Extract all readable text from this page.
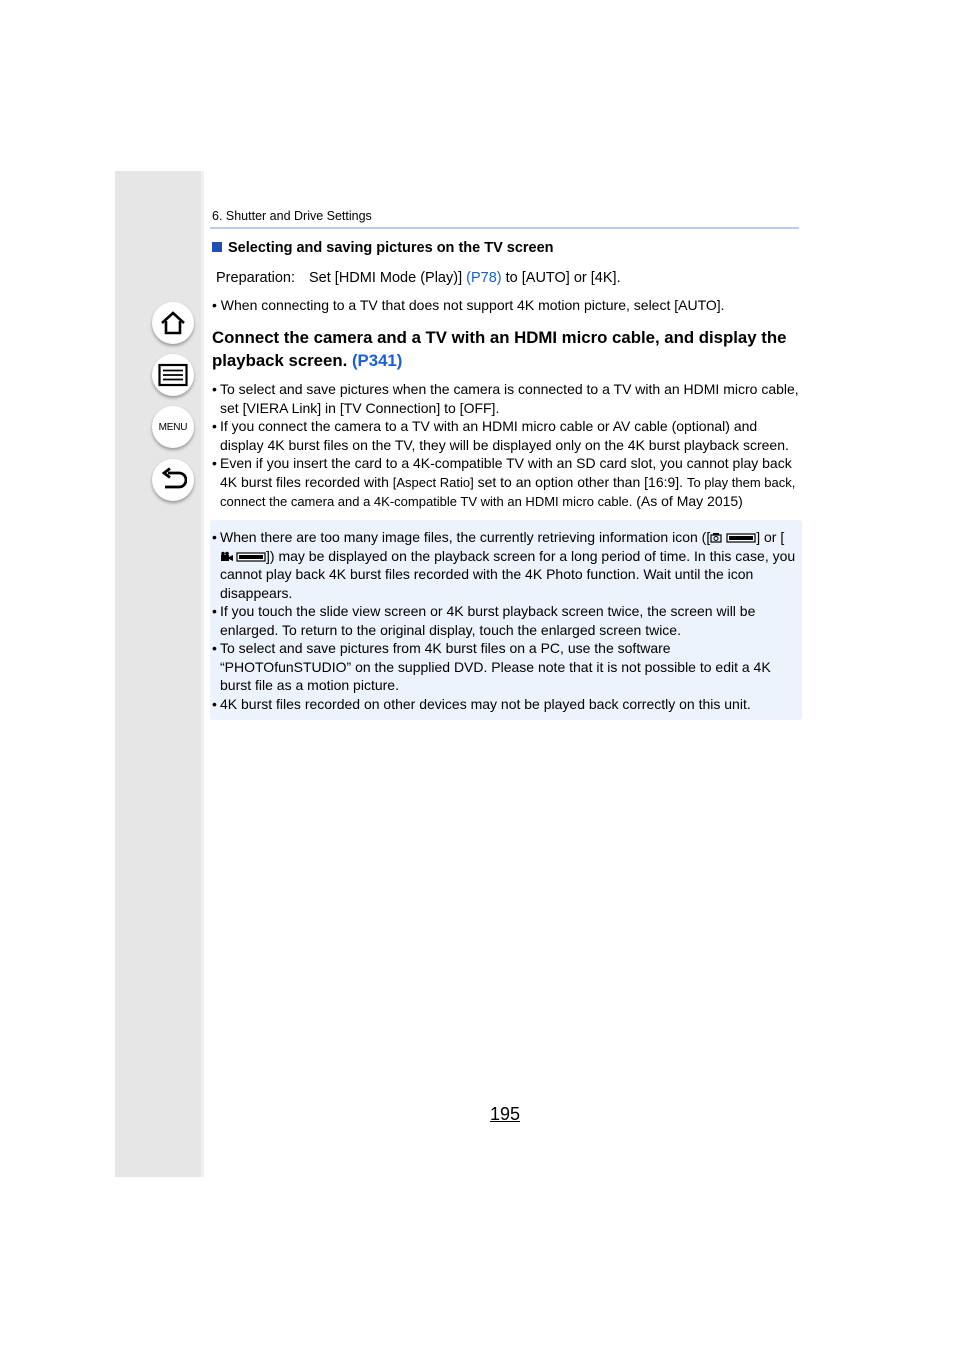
MENU
6. Shutter and Drive Settings
Selecting and saving pictures on the TV screen
Preparation: Set [HDMI Mode (Play)] (P78) to [AUTO] or [4K].
• When connecting to a TV that does not support 4K motion picture, select [AUTO].
Connect the camera and a TV with an HDMI micro cable, and display the playback screen. (P341)
• To select and save pictures when the camera is connected to a TV with an HDMI micro cable, set [VIERA Link] in [TV Connection] to [OFF].
• If you connect the camera to a TV with an HDMI micro cable or AV cable (optional) and display 4K burst files on the TV, they will be displayed only on the 4K burst playback screen.
• Even if you insert the card to a 4K-compatible TV with an SD card slot, you cannot play back 4K burst files recorded with [Aspect Ratio] set to an option other than [16:9]. To play them back, connect the camera and a 4K-compatible TV with an HDMI micro cable. (As of May 2015)
• When there are too many image files, the currently retrieving information icon ([	] or []) may be displayed on the playback screen for a long period of time. In this case, you cannot play back 4K burst files recorded with the 4K Photo function. Wait until the icon disappears.
• If you touch the slide view screen or 4K burst playback screen twice, the screen will be enlarged. To return to the original display, touch the enlarged screen twice.
• To select and save pictures from 4K burst files on a PC, use the software “PHOTOfunSTUDIO” on the supplied DVD. Please note that it is not possible to edit a 4K burst file as a motion picture.
• 4K burst files recorded on other devices may not be played back correctly on this unit.
195
